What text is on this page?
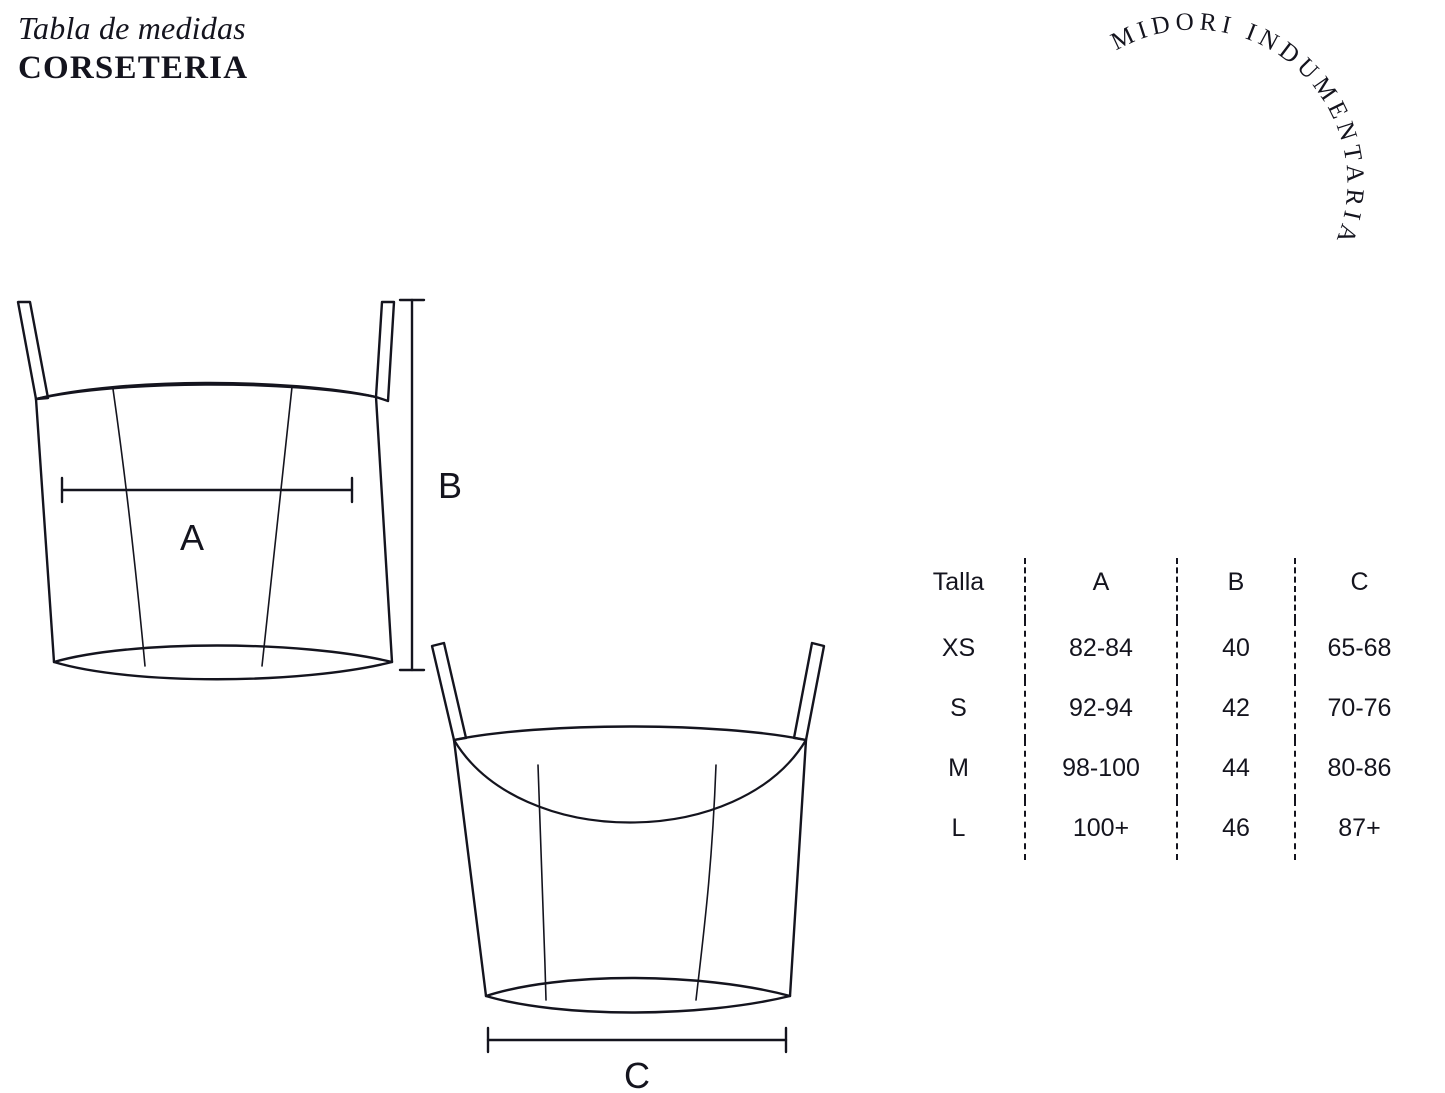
Tabla de medidas
CORSETERIA
MIDORI INDUMENTARIA
A
B
C
Talla	A	B	C
XS	82-84	40	65-68
S	92-94	42	70-76
M	98-100	44	80-86
L	100+	46	87+
